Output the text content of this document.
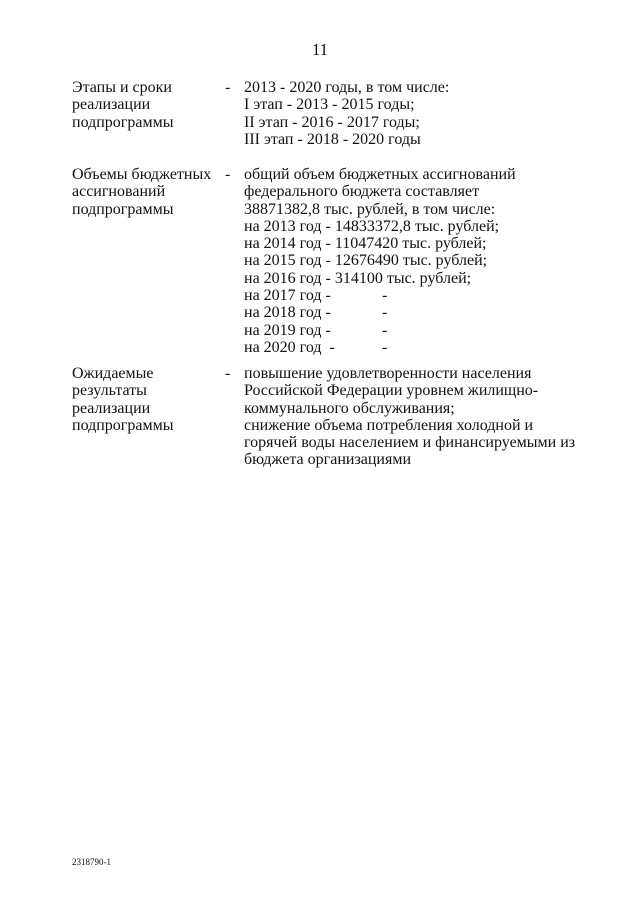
11
Этапы и сроки
реализации
подпрограммы
- 2013 - 2020 годы, в том числе:
I этап - 2013 - 2015 годы;
II этап - 2016 - 2017 годы;
III этап - 2018 - 2020 годы
Объемы бюджетных
ассигнований
подпрограммы
- общий объем бюджетных ассигнований
федерального бюджета составляет
38871382,8 тыс. рублей, в том числе:
на 2013 год - 14833372,8 тыс. рублей;
на 2014 год - 11047420 тыс. рублей;
на 2015 год - 12676490 тыс. рублей;
на 2016 год - 314100 тыс. рублей;
на 2017 год -	-
на 2018 год -	-
на 2019 год -	-
на 2020 год  -	-
Ожидаемые
результаты
реализации
подпрограммы
- повышение удовлетворенности населения
Российской Федерации уровнем жилищно-
коммунального обслуживания;
снижение объема потребления холодной и
горячей воды населением и финансируемыми из
бюджета организациями
2318790-1
